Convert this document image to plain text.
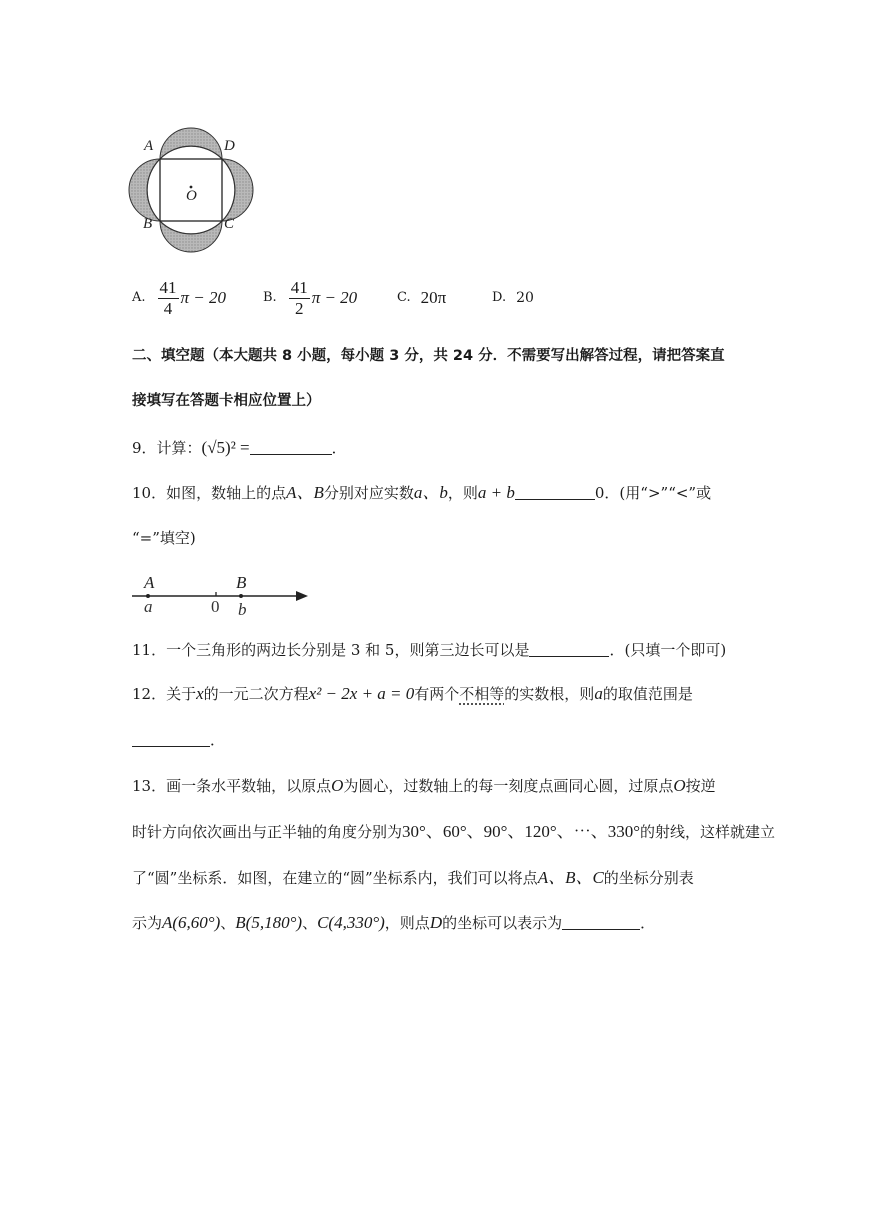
A	D
B	C
O
A. $\frac{41}{4}$ π − 20	B. $\frac{41}{2}$ π − 20	C. 20π	D. 20
二、填空题（本大题共 8 小题，每小题 3 分，共 24 分．不需要写出解答过程，请把答案直
接填写在答题卡相应位置上）
9．计算：(√5)² =	．
10．如图，数轴上的点A、B分别对应实数a、b，则a + b	0．(用“>”“<”或
“=”填空)
A
a	0
B
b
11．一个三角形的两边长分别是 3 和 5，则第三边长可以是	．(只填一个即可)
12．关于x的一元二次方程x² − 2x + a = 0有两个不相等的实数根，则a的取值范围是
．
13．画一条水平数轴，以原点O为圆心，过数轴上的每一刻度点画同心圆，过原点O按逆
时针方向依次画出与正半轴的角度分别为30°、60°、90°、120°、⋯、330°的射线，这样就建立
了“圆”坐标系．如图，在建立的“圆”坐标系内，我们可以将点A、B、C的坐标分别表
示为A(6,60°)、B(5,180°)、C(4,330°)，则点D的坐标可以表示为	．
